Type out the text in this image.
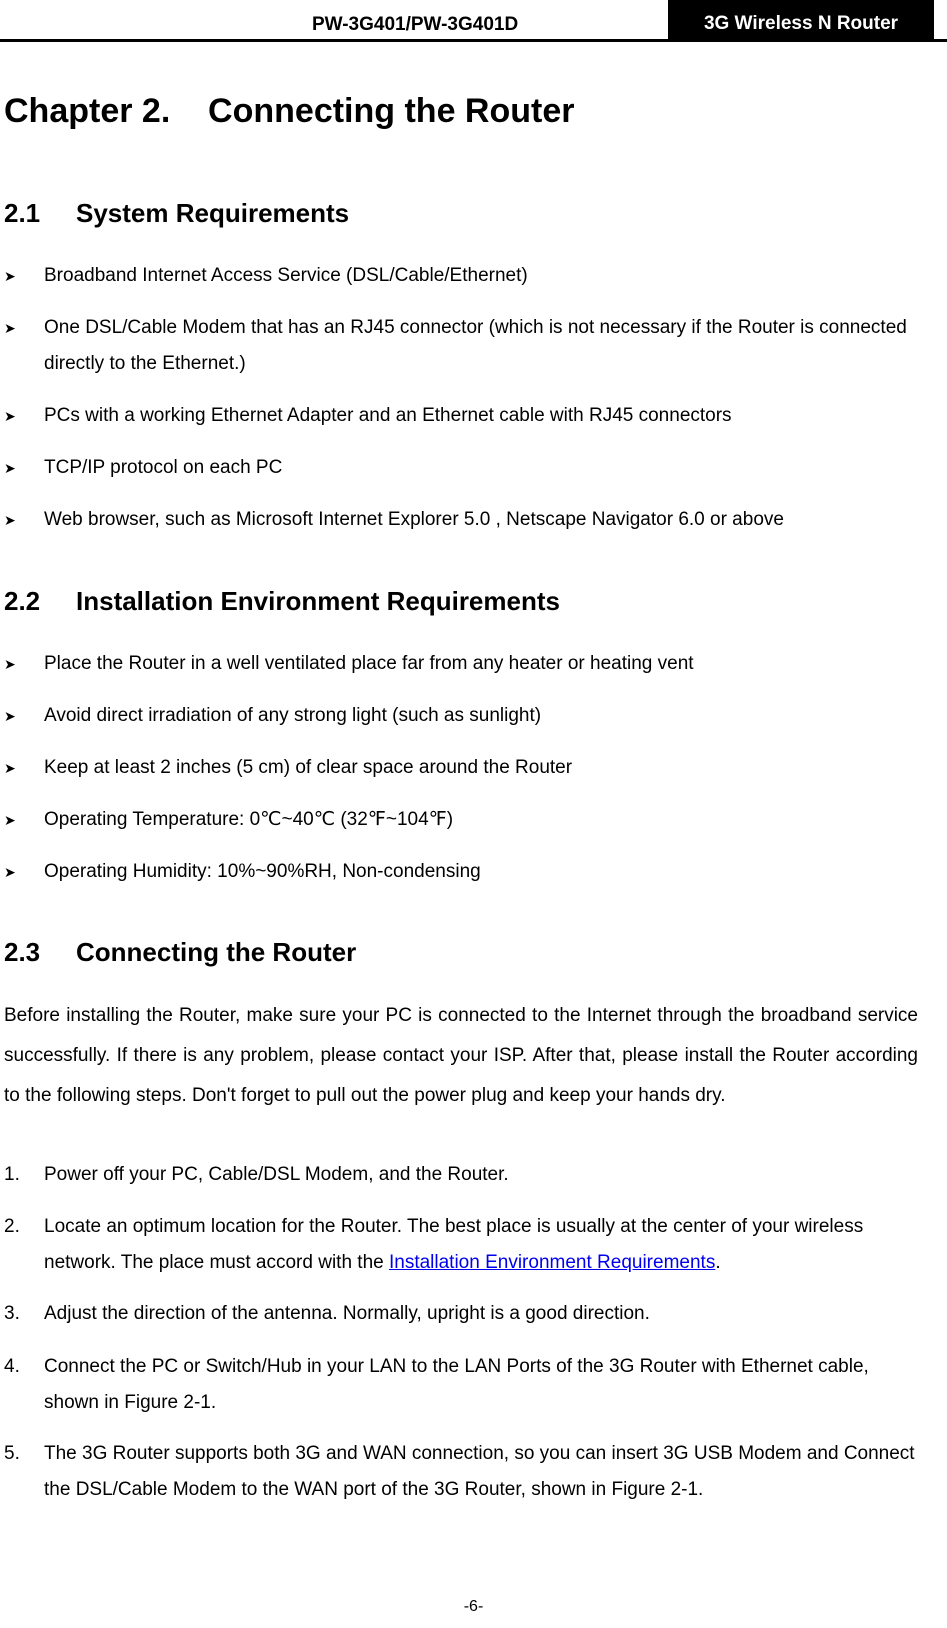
PW-3G401/PW-3G401D	3G Wireless N Router
Chapter 2.    Connecting the Router
2.1 System Requirements
➤ Broadband Internet Access Service (DSL/Cable/Ethernet)
➤ One DSL/Cable Modem that has an RJ45 connector (which is not necessary if the Router is connected directly to the Ethernet.)
➤ PCs with a working Ethernet Adapter and an Ethernet cable with RJ45 connectors
➤ TCP/IP protocol on each PC
➤ Web browser, such as Microsoft Internet Explorer 5.0 , Netscape Navigator 6.0 or above
2.2 Installation Environment Requirements
➤ Place the Router in a well ventilated place far from any heater or heating vent
➤ Avoid direct irradiation of any strong light (such as sunlight)
➤ Keep at least 2 inches (5 cm) of clear space around the Router
➤ Operating Temperature: 0℃~40℃ (32℉~104℉)
➤ Operating Humidity: 10%~90%RH, Non-condensing
2.3 Connecting the Router
Before installing the Router, make sure your PC is connected to the Internet through the broadband service successfully. If there is any problem, please contact your ISP. After that, please install the Router according to the following steps. Don't forget to pull out the power plug and keep your hands dry.
1. Power off your PC, Cable/DSL Modem, and the Router.
2. Locate an optimum location for the Router. The best place is usually at the center of your wireless network. The place must accord with the Installation Environment Requirements.
3. Adjust the direction of the antenna. Normally, upright is a good direction.
4. Connect the PC or Switch/Hub in your LAN to the LAN Ports of the 3G Router with Ethernet cable, shown in Figure 2-1.
5. The 3G Router supports both 3G and WAN connection, so you can insert 3G USB Modem and Connect the DSL/Cable Modem to the WAN port of the 3G Router, shown in Figure 2-1.
-6-
